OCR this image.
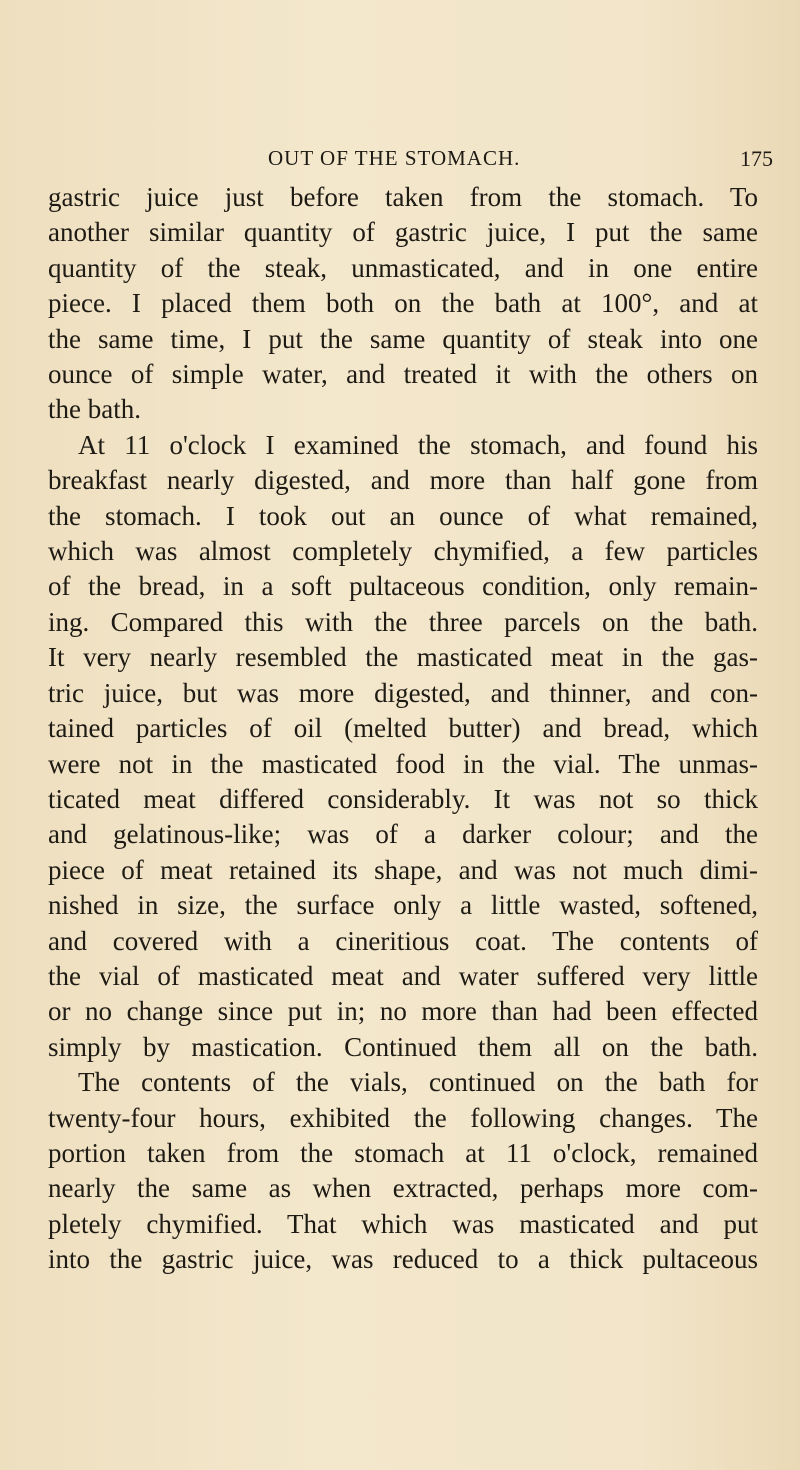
OUT OF THE STOMACH.	175
gastric juice just before taken from the stomach. To
another similar quantity of gastric juice, I put the same
quantity of the steak, unmasticated, and in one entire
piece. I placed them both on the bath at 100°, and at
the same time, I put the same quantity of steak into one
ounce of simple water, and treated it with the others on
the bath.
At 11 o'clock I examined the stomach, and found his
breakfast nearly digested, and more than half gone from
the stomach. I took out an ounce of what remained,
which was almost completely chymified, a few particles
of the bread, in a soft pultaceous condition, only remain-
ing. Compared this with the three parcels on the bath.
It very nearly resembled the masticated meat in the gas-
tric juice, but was more digested, and thinner, and con-
tained particles of oil (melted butter) and bread, which
were not in the masticated food in the vial. The unmas-
ticated meat differed considerably. It was not so thick
and gelatinous-like; was of a darker colour; and the
piece of meat retained its shape, and was not much dimi-
nished in size, the surface only a little wasted, softened,
and covered with a cineritious coat. The contents of
the vial of masticated meat and water suffered very little
or no change since put in; no more than had been effected
simply by mastication. Continued them all on the bath.
The contents of the vials, continued on the bath for
twenty-four hours, exhibited the following changes. The
portion taken from the stomach at 11 o'clock, remained
nearly the same as when extracted, perhaps more com-
pletely chymified. That which was masticated and put
into the gastric juice, was reduced to a thick pultaceous
